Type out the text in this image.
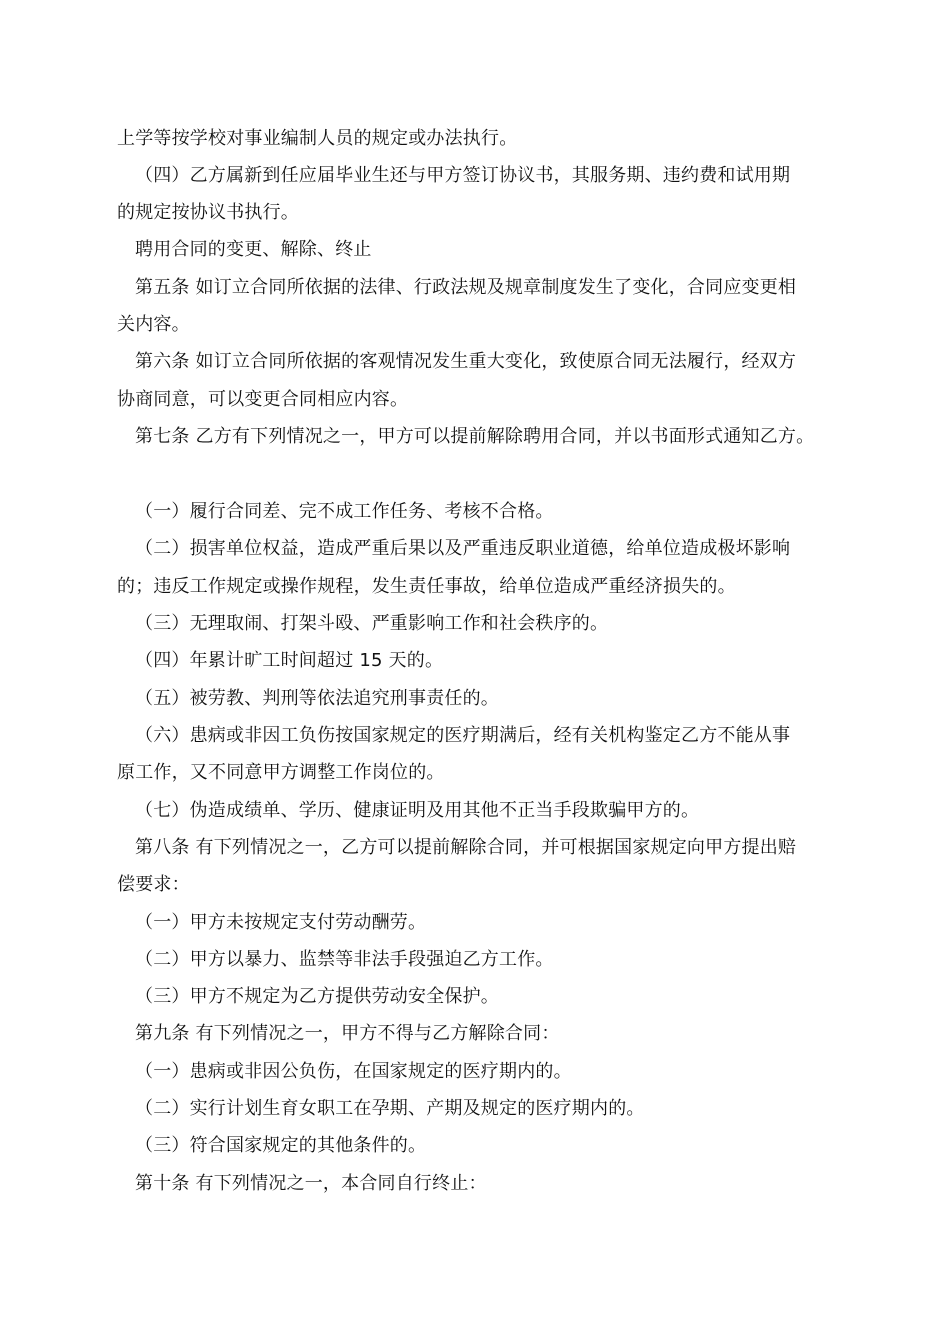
上学等按学校对事业编制人员的规定或办法执行。
（四）乙方属新到任应届毕业生还与甲方签订协议书，其服务期、违约费和试用期
的规定按协议书执行。
聘用合同的变更、解除、终止
第五条 如订立合同所依据的法律、行政法规及规章制度发生了变化，合同应变更相
关内容。
第六条 如订立合同所依据的客观情况发生重大变化，致使原合同无法履行，经双方
协商同意，可以变更合同相应内容。
第七条 乙方有下列情况之一，甲方可以提前解除聘用合同，并以书面形式通知乙方。
（一）履行合同差、完不成工作任务、考核不合格。
（二）损害单位权益，造成严重后果以及严重违反职业道德，给单位造成极坏影响
的；违反工作规定或操作规程，发生责任事故，给单位造成严重经济损失的。
（三）无理取闹、打架斗殴、严重影响工作和社会秩序的。
（四）年累计旷工时间超过 15 天的。
（五）被劳教、判刑等依法追究刑事责任的。
（六）患病或非因工负伤按国家规定的医疗期满后，经有关机构鉴定乙方不能从事
原工作，又不同意甲方调整工作岗位的。
（七）伪造成绩单、学历、健康证明及用其他不正当手段欺骗甲方的。
第八条 有下列情况之一，乙方可以提前解除合同，并可根据国家规定向甲方提出赔
偿要求：
（一）甲方未按规定支付劳动酬劳。
（二）甲方以暴力、监禁等非法手段强迫乙方工作。
（三）甲方不规定为乙方提供劳动安全保护。
第九条 有下列情况之一，甲方不得与乙方解除合同：
（一）患病或非因公负伤，在国家规定的医疗期内的。
（二）实行计划生育女职工在孕期、产期及规定的医疗期内的。
（三）符合国家规定的其他条件的。
第十条 有下列情况之一，本合同自行终止：
